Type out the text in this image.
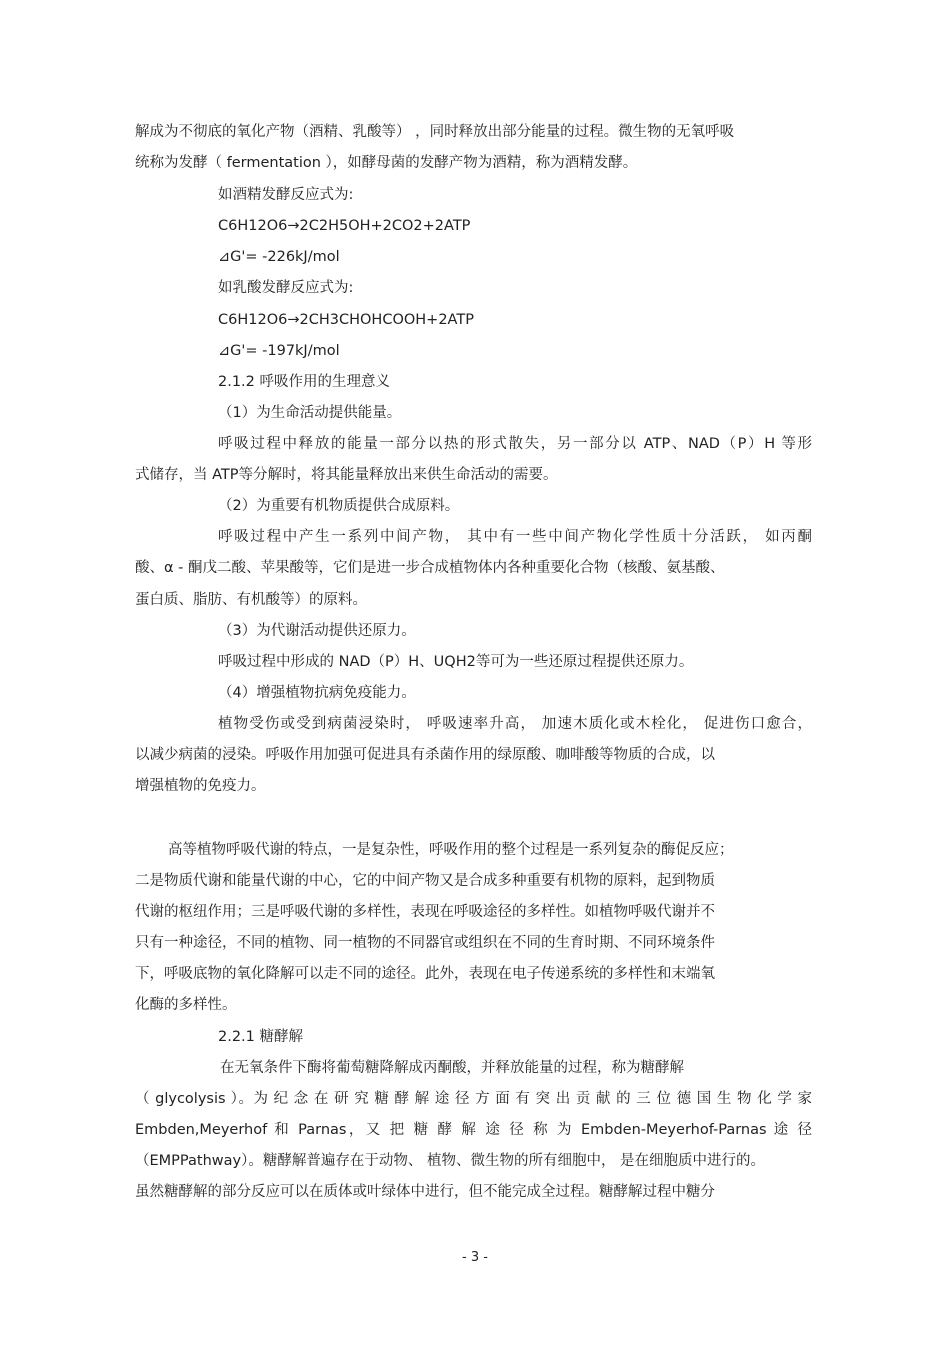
解成为不彻底的氧化产物（酒精、乳酸等） ，同时释放出部分能量的过程。微生物的无氧呼吸
统称为发酵（ fermentation ），如酵母菌的发酵产物为酒精，称为酒精发酵。
如酒精发酵反应式为:
C6H12O6→2C2H5OH+2CO2+2ATP
⊿G'= -226kJ/mol
如乳酸发酵反应式为:
C6H12O6→2CH3CHOHCOOH+2ATP
⊿G'= -197kJ/mol
2.1.2 呼吸作用的生理意义
（1）为生命活动提供能量。
呼吸过程中释放的能量一部分以热的形式散失，另一部分以 ATP、NAD（P）H 等形
式储存，当 ATP等分解时，将其能量释放出来供生命活动的需要。
（2）为重要有机物质提供合成原料。
呼吸过程中产生一系列中间产物， 其中有一些中间产物化学性质十分活跃， 如丙酮
酸、α - 酮戊二酸、苹果酸等，它们是进一步合成植物体内各种重要化合物（核酸、氨基酸、
蛋白质、脂肪、有机酸等）的原料。
（3）为代谢活动提供还原力。
呼吸过程中形成的 NAD（P）H、UQH2等可为一些还原过程提供还原力。
（4）增强植物抗病免疫能力。
植物受伤或受到病菌浸染时， 呼吸速率升高， 加速木质化或木栓化， 促进伤口愈合，
以减少病菌的浸染。呼吸作用加强可促进具有杀菌作用的绿原酸、咖啡酸等物质的合成，以
增强植物的免疫力。
高等植物呼吸代谢的特点，一是复杂性，呼吸作用的整个过程是一系列复杂的酶促反应；
二是物质代谢和能量代谢的中心，它的中间产物又是合成多种重要有机物的原料，起到物质
代谢的枢纽作用；三是呼吸代谢的多样性，表现在呼吸途径的多样性。如植物呼吸代谢并不
只有一种途径，不同的植物、同一植物的不同器官或组织在不同的生育时期、不同环境条件
下，呼吸底物的氧化降解可以走不同的途径。此外，表现在电子传递系统的多样性和末端氧
化酶的多样性。
2.2.1 糖酵解
在无氧条件下酶将葡萄糖降解成丙酮酸，并释放能量的过程，称为糖酵解
（ glycolysis ）。为 纪 念 在 研 究 糖 酵 解 途 径 方 面 有 突 出 贡 献 的 三 位 德 国 生 物 化 学 家
Embden,Meyerhof 和 Parnas，又 把 糖 酵 解 途 径 称 为 Embden-Meyerhof-Parnas 途 径
（EMPPathway）。糖酵解普遍存在于动物、 植物、微生物的所有细胞中， 是在细胞质中进行的。
虽然糖酵解的部分反应可以在质体或叶绿体中进行，但不能完成全过程。糖酵解过程中糖分
- 3 -
